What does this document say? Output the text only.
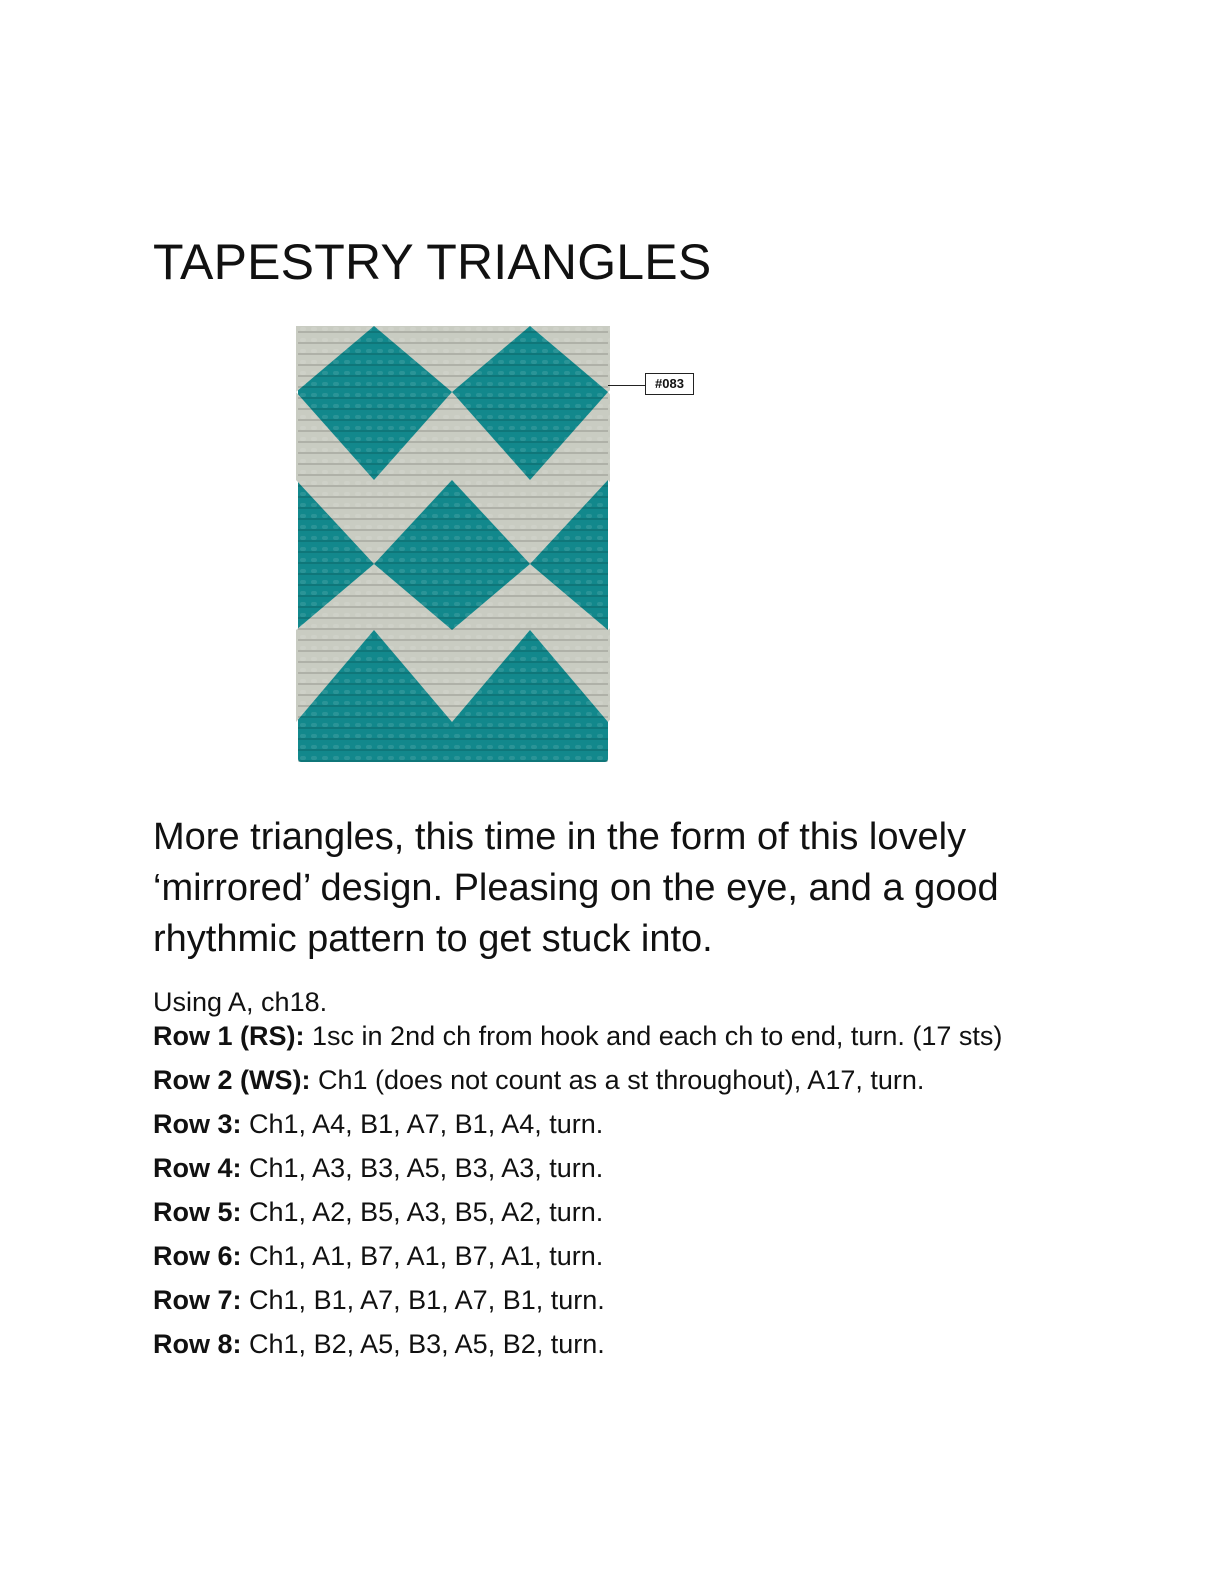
TAPESTRY TRIANGLES
#083

More triangles, this time in the form of this lovely ‘mirrored’ design. Pleasing on the eye, and a good rhythmic pattern to get stuck into.

Using A, ch18.

Row 1 (RS): 1sc in 2nd ch from hook and each ch to end, turn. (17 sts)

Row 2 (WS): Ch1 (does not count as a st throughout), A17, turn.

Row 3: Ch1, A4, B1, A7, B1, A4, turn.

Row 4: Ch1, A3, B3, A5, B3, A3, turn.

Row 5: Ch1, A2, B5, A3, B5, A2, turn.

Row 6: Ch1, A1, B7, A1, B7, A1, turn.

Row 7: Ch1, B1, A7, B1, A7, B1, turn.

Row 8: Ch1, B2, A5, B3, A5, B2, turn.
